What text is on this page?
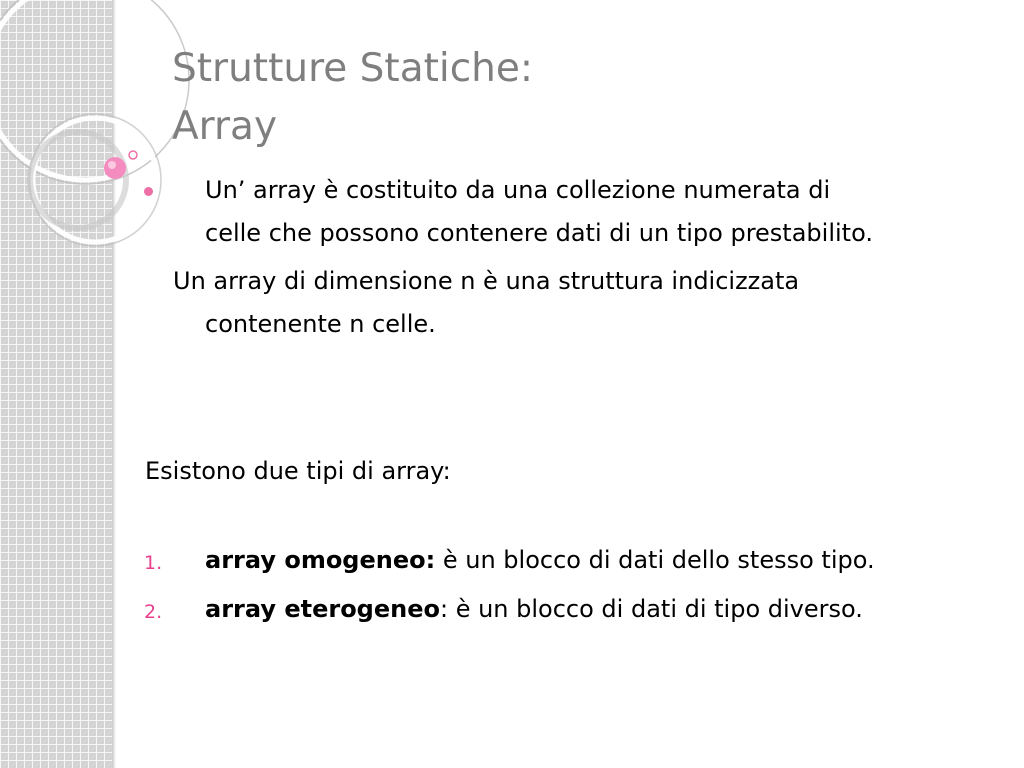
Strutture Statiche:
Array
Un’ array è costituito da una collezione numerata di
celle che possono contenere dati di un tipo prestabilito.
Un array di dimensione n è una struttura indicizzata
contenente n celle.
Esistono due tipi di array:
1. array omogeneo: è un blocco di dati dello stesso tipo.
2. array eterogeneo: è un blocco di dati di tipo diverso.
